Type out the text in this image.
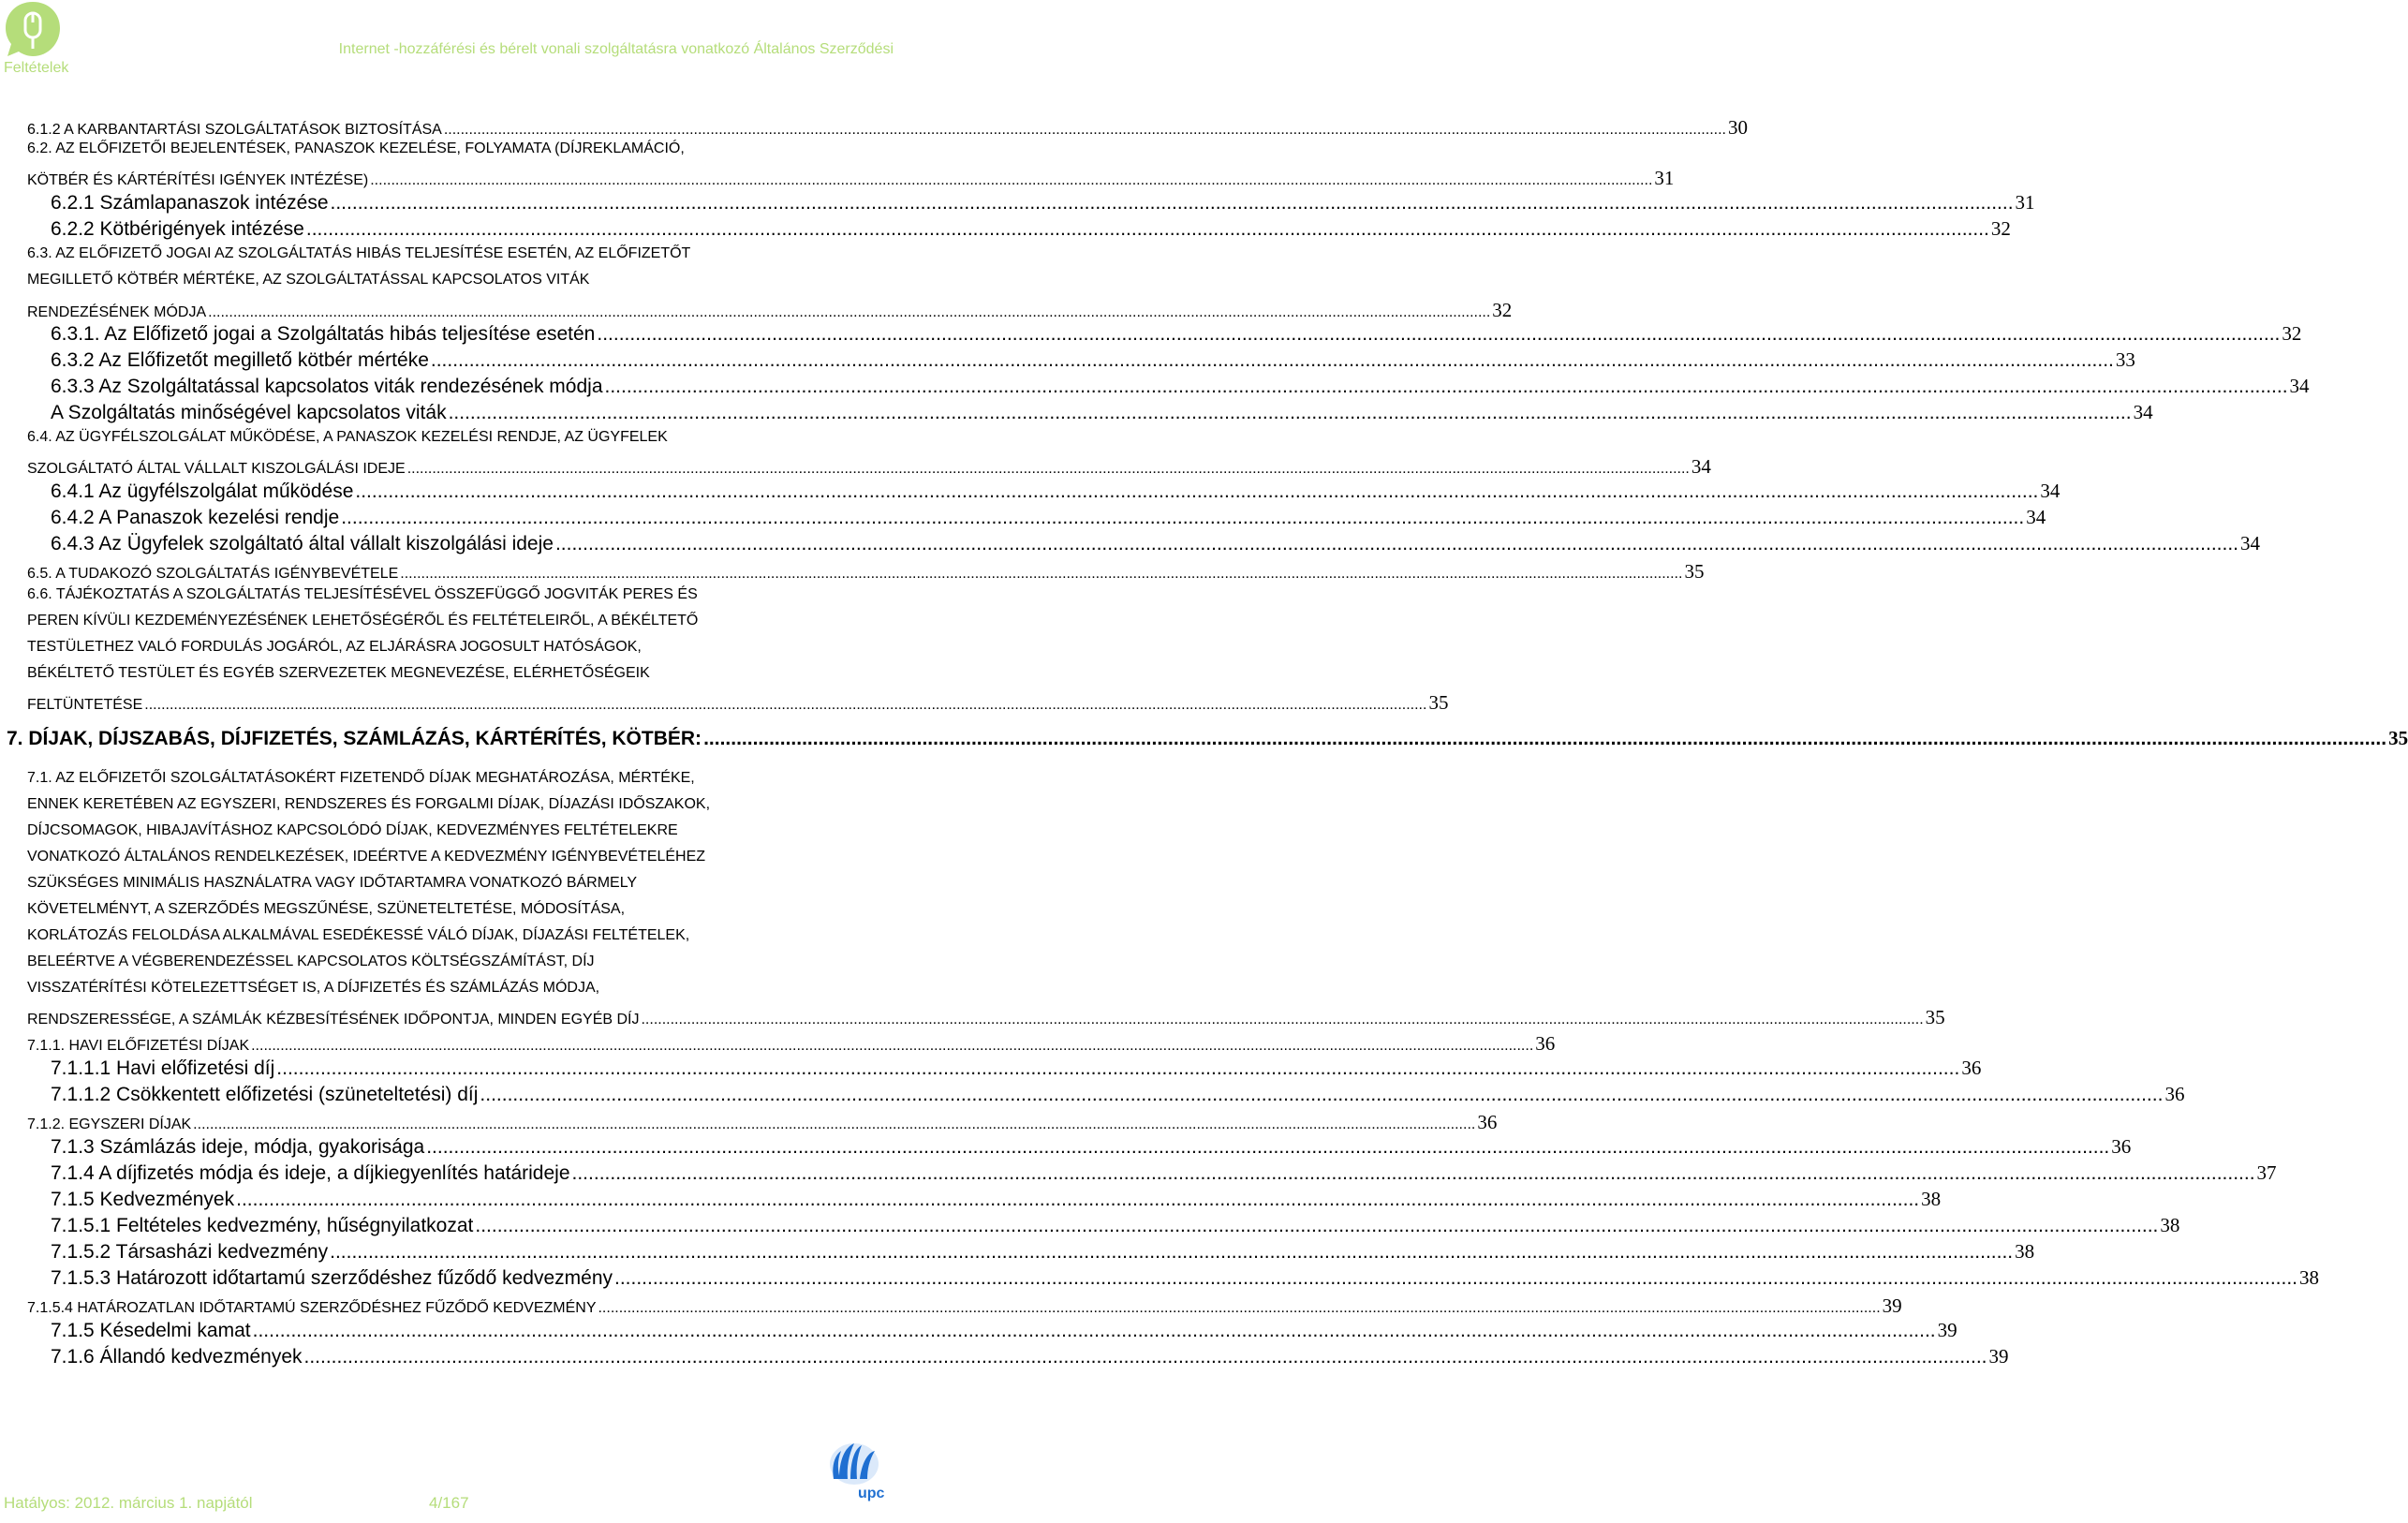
Feltételek
Internet -hozzáférési és bérelt vonali szolgáltatásra vonatkozó Általános Szerződési
6.1.2 A KARBANTARTÁSI SZOLGÁLTATÁSOK BIZTOSÍTÁSA .....	30
6.2. AZ ELŐFIZETŐI BEJELENTÉSEK, PANASZOK KEZELÉSE, FOLYAMATA (DÍJREKLAMÁCIÓ,
KÖTBÉR ÉS KÁRTÉRÍTÉSI IGÉNYEK INTÉZÉSE) .....	31
6.2.1 Számlapanaszok intézése .....	31
6.2.2 Kötbérigények intézése .....	32
6.3. AZ ELŐFIZETŐ JOGAI AZ SZOLGÁLTATÁS HIBÁS TELJESÍTÉSE ESETÉN, AZ ELŐFIZETŐT
MEGILLETŐ KÖTBÉR MÉRTÉKE, AZ SZOLGÁLTATÁSSAL KAPCSOLATOS VITÁK
RENDEZÉSÉNEK MÓDJA .....	32
6.3.1. Az Előfizető jogai a Szolgáltatás hibás teljesítése esetén .....	32
6.3.2 Az Előfizetőt megillető kötbér mértéke .....	33
6.3.3 Az Szolgáltatással kapcsolatos viták rendezésének módja .....	34
A Szolgáltatás minőségével kapcsolatos viták .....	34
6.4. AZ ÜGYFÉLSZOLGÁLAT MŰKÖDÉSE, A PANASZOK KEZELÉSI RENDJE, AZ ÜGYFELEK
SZOLGÁLTATÓ ÁLTAL VÁLLALT KISZOLGÁLÁSI IDEJE .....	34
6.4.1 Az ügyfélszolgálat működése .....	34
6.4.2 A Panaszok kezelési rendje .....	34
6.4.3 Az Ügyfelek szolgáltató által vállalt kiszolgálási ideje .....	34
6.5. A TUDAKOZÓ SZOLGÁLTATÁS IGÉNYBEVÉTELE .....	35
6.6. TÁJÉKOZTATÁS A SZOLGÁLTATÁS TELJESÍTÉSÉVEL ÖSSZEFÜGGŐ JOGVITÁK PERES ÉS
PEREN KÍVÜLI KEZDEMÉNYEZÉSÉNEK LEHETŐSÉGÉRŐL ÉS FELTÉTELEIRŐL, A BÉKÉLTETŐ
TESTÜLETHEZ VALÓ FORDULÁS JOGÁRÓL, AZ ELJÁRÁSRA JOGOSULT HATÓSÁGOK,
BÉKÉLTETŐ TESTÜLET ÉS EGYÉB SZERVEZETEK MEGNEVEZÉSE, ELÉRHETŐSÉGEIK
FELTÜNTETÉSE .....	35
7. DÍJAK, DÍJSZABÁS, DÍJFIZETÉS, SZÁMLÁZÁS, KÁRTÉRÍTÉS, KÖTBÉR: .....	35
7.1. AZ ELŐFIZETŐI SZOLGÁLTATÁSOKÉRT FIZETENDŐ DÍJAK MEGHATÁROZÁSA, MÉRTÉKE,
ENNEK KERETÉBEN AZ EGYSZERI, RENDSZERES ÉS FORGALMI DÍJAK, DÍJAZÁSI IDŐSZAKOK,
DÍJCSOMAGOK, HIBAJAVÍTÁSHOZ KAPCSOLÓDÓ DÍJAK, KEDVEZMÉNYES FELTÉTELEKRE
VONATKOZÓ ÁLTALÁNOS RENDELKEZÉSEK, IDEÉRTVE A KEDVEZMÉNY IGÉNYBEVÉTELÉHEZ
SZÜKSÉGES MINIMÁLIS HASZNÁLATRA VAGY IDŐTARTAMRA VONATKOZÓ BÁRMELY
KÖVETELMÉNYT, A SZERZŐDÉS MEGSZŰNÉSE, SZÜNETELTETÉSE, MÓDOSÍTÁSA,
KORLÁTOZÁS FELOLDÁSA ALKALMÁVAL ESEDÉKESSÉ VÁLÓ DÍJAK, DÍJAZÁSI FELTÉTELEK,
BELEÉRTVE A VÉGBERENDEZÉSSEL KAPCSOLATOS KÖLTSÉGSZÁMÍTÁST, DÍJ
VISSZATÉRÍTÉSI KÖTELEZETTSÉGET IS, A DÍJFIZETÉS ÉS SZÁMLÁZÁS MÓDJA,
RENDSZERESSÉGE, A SZÁMLÁK KÉZBESÍTÉSÉNEK IDŐPONTJA, MINDEN EGYÉB DÍJ .....	35
7.1.1. HAVI ELŐFIZETÉSI DÍJAK .....	36
7.1.1.1 Havi előfizetési díj .....	36
7.1.1.2 Csökkentett előfizetési (szüneteltetési) díj .....	36
7.1.2. EGYSZERI DÍJAK .....	36
7.1.3 Számlázás ideje, módja, gyakorisága .....	36
7.1.4 A díjfizetés módja és ideje, a díjkiegyenlítés határideje .....	37
7.1.5 Kedvezmények .....	38
7.1.5.1 Feltételes kedvezmény, hűségnyilatkozat .....	38
7.1.5.2 Társasházi kedvezmény .....	38
7.1.5.3 Határozott időtartamú szerződéshez fűződő kedvezmény .....	38
7.1.5.4 HATÁROZATLAN IDŐTARTAMÚ SZERZŐDÉSHEZ FŰZŐDŐ KEDVEZMÉNY .....	39
7.1.5 Késedelmi kamat .....	39
7.1.6 Állandó kedvezmények .....	39
upc
Hatályos: 2012. március 1. napjától	4/167
